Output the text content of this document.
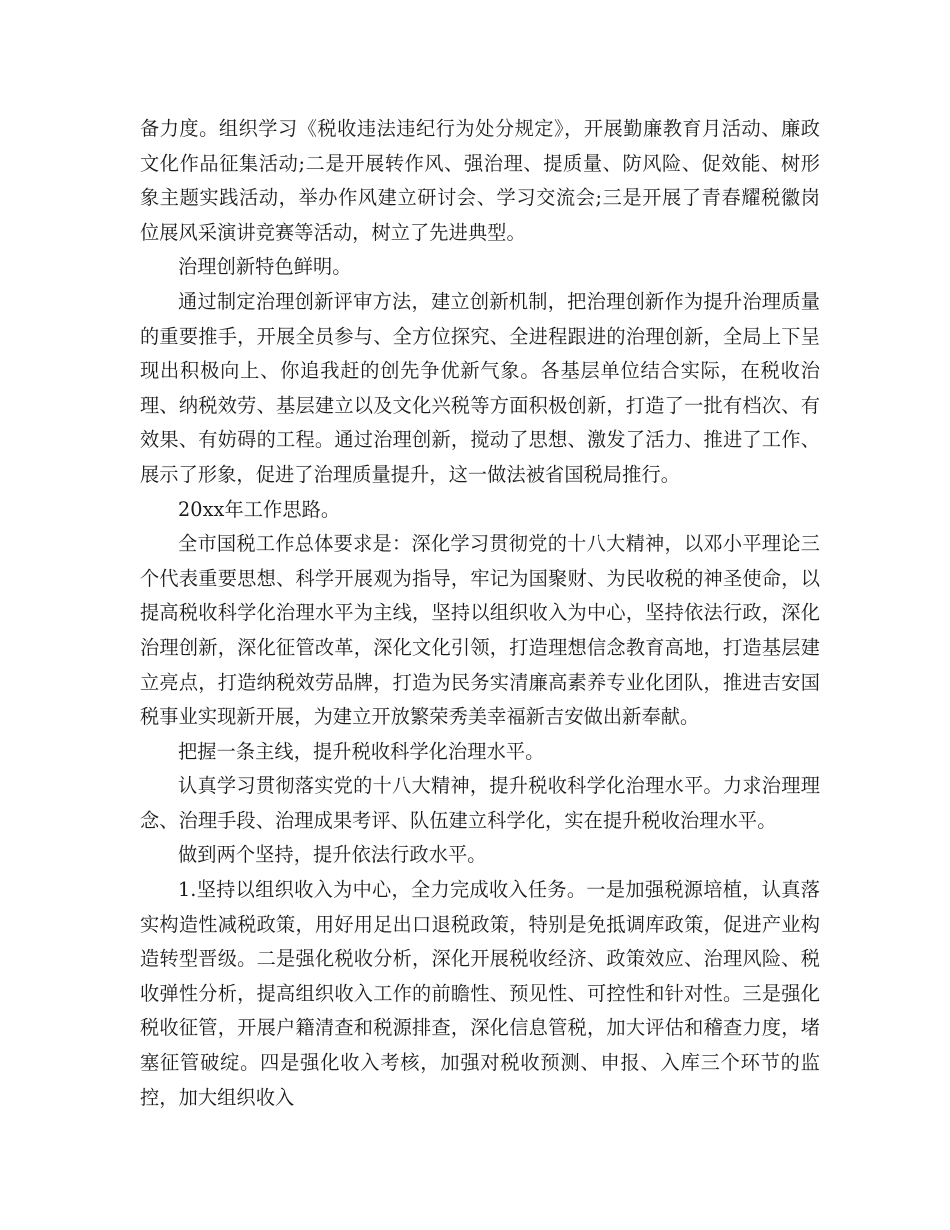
备力度。组织学习《税收违法违纪行为处分规定》，开展勤廉教育月活动、廉政文化作品征集活动;二是开展转作风、强治理、提质量、防风险、促效能、树形象主题实践活动，举办作风建立研讨会、学习交流会;三是开展了青春耀税徽岗位展风采演讲竞赛等活动，树立了先进典型。

治理创新特色鲜明。

通过制定治理创新评审方法，建立创新机制，把治理创新作为提升治理质量的重要推手，开展全员参与、全方位探究、全进程跟进的治理创新，全局上下呈现出积极向上、你追我赶的创先争优新气象。各基层单位结合实际，在税收治理、纳税效劳、基层建立以及文化兴税等方面积极创新，打造了一批有档次、有效果、有妨碍的工程。通过治理创新，搅动了思想、激发了活力、推进了工作、展示了形象，促进了治理质量提升，这一做法被省国税局推行。

20xx年工作思路。

全市国税工作总体要求是：深化学习贯彻党的十八大精神，以邓小平理论三个代表重要思想、科学开展观为指导，牢记为国聚财、为民收税的神圣使命，以提高税收科学化治理水平为主线，坚持以组织收入为中心，坚持依法行政，深化治理创新，深化征管改革，深化文化引领，打造理想信念教育高地，打造基层建立亮点，打造纳税效劳品牌，打造为民务实清廉高素养专业化团队，推进吉安国税事业实现新开展，为建立开放繁荣秀美幸福新吉安做出新奉献。

把握一条主线，提升税收科学化治理水平。

认真学习贯彻落实党的十八大精神，提升税收科学化治理水平。力求治理理念、治理手段、治理成果考评、队伍建立科学化，实在提升税收治理水平。

做到两个坚持，提升依法行政水平。

1.坚持以组织收入为中心，全力完成收入任务。一是加强税源培植，认真落实构造性减税政策，用好用足出口退税政策，特别是免抵调库政策，促进产业构造转型晋级。二是强化税收分析，深化开展税收经济、政策效应、治理风险、税收弹性分析，提高组织收入工作的前瞻性、预见性、可控性和针对性。三是强化税收征管，开展户籍清查和税源排查，深化信息管税，加大评估和稽查力度，堵塞征管破绽。四是强化收入考核，加强对税收预测、申报、入库三个环节的监控，加大组织收入
